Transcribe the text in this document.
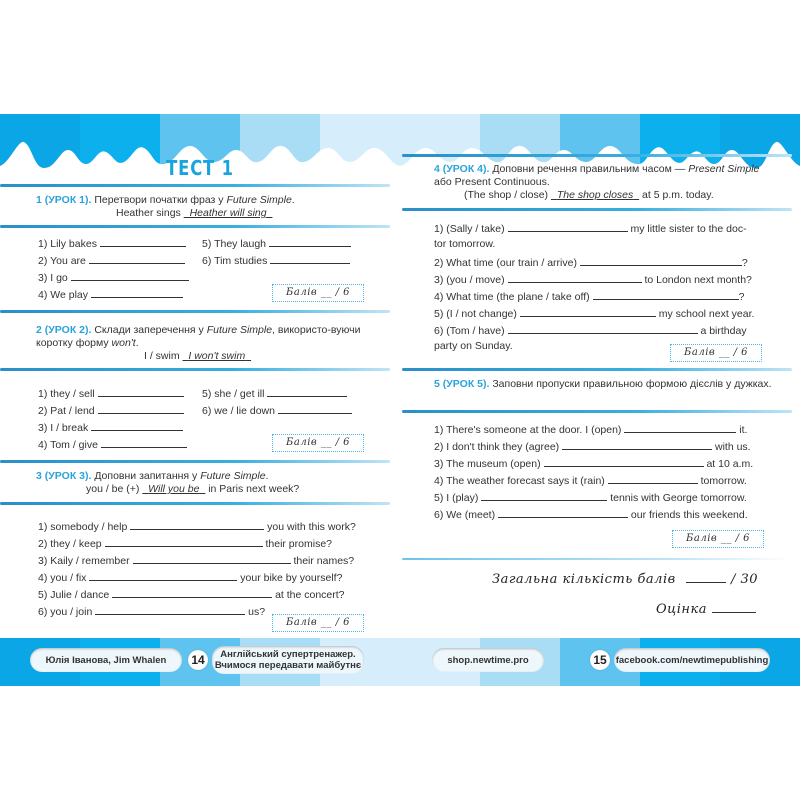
ТЕСТ 1
1 (УРОК 1). Перетвори початки фраз у Future Simple.
Heather sings Heather will sing
1) Lily bakes
2) You are
3) I go
4) We play
5) They laugh
6) Tim studies
Балів __ / 6
2 (УРОК 2). Склади заперечення у Future Simple, використо-вуючи коротку форму won't.
I / swim I won't swim
1) they / sell
2) Pat / lend
3) I / break
4) Tom / give
5) she / get ill
6) we / lie down
Балів __ / 6
3 (УРОК 3). Доповни запитання у Future Simple.
you / be (+) Will you be in Paris next week?
1) somebody / help	you with this work?
2) they / keep	their promise?
3) Kaily / remember	their names?
4) you / fix	your bike by yourself?
5) Julie / dance	at the concert?
6) you / join	us?
Балів __ / 6
4 (УРОК 4). Доповни речення правильним часом — Present Simple або Present Continuous.
(The shop / close) The shop closes at 5 p.m. today.
1) (Sally / take)	my little sister to the doc-
tor tomorrow.
2) What time (our train / arrive)	?
3) (you / move)	to London next month?
4) What time (the plane / take off)	?
5) (I / not change)	my school next year.
6) (Tom / have)	a birthday
party on Sunday.
Балів __ / 6
5 (УРОК 5). Заповни пропуски правильною формою дієслів у дужках.
1) There's someone at the door. I (open)	it.
2) I don't think they (agree)	with us.
3) The museum (open)	at 10 a.m.
4) The weather forecast says it (rain)	tomorrow.
5) I (play)	tennis with George tomorrow.
6) We (meet)	our friends this weekend.
Балів __ / 6
Загальна кількість балів	/ 30
Оцінка
Юлія Іванова, Jim Whalen	14	Англійський супертренажер.
Вчимося передавати майбутнє	shop.newtime.pro	15 facebook.com/newtimepublishing
